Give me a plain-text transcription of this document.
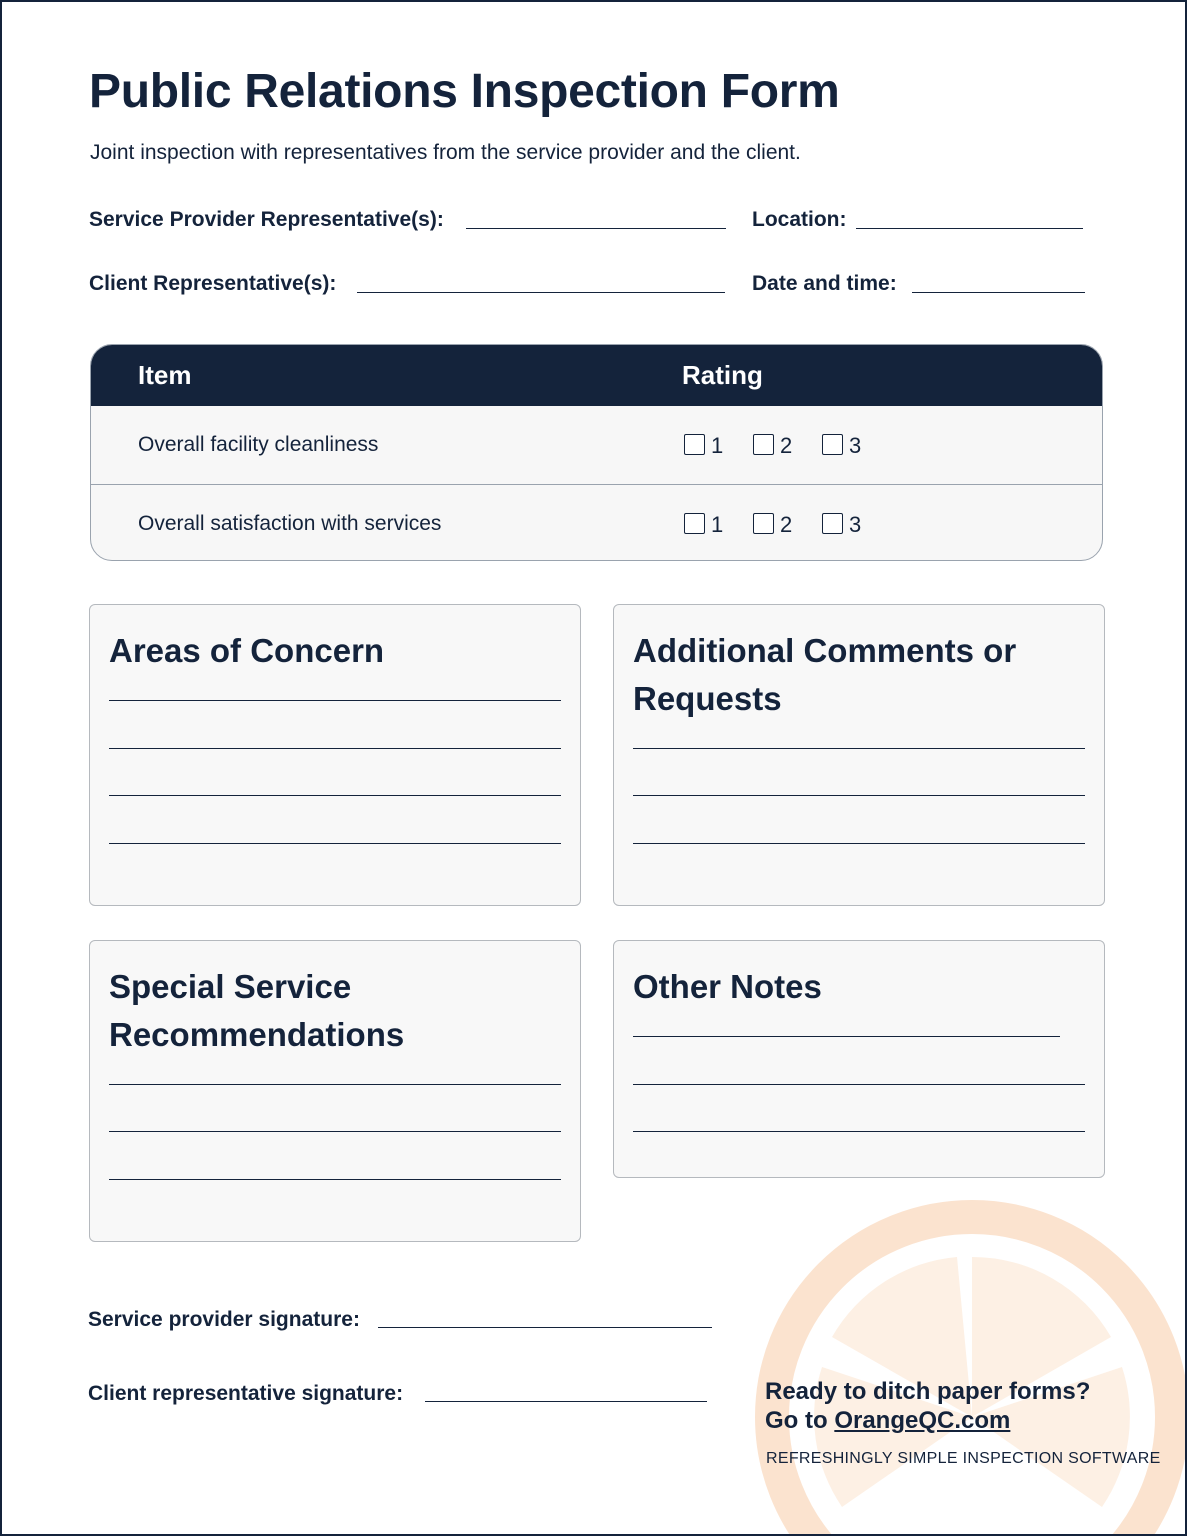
Public Relations Inspection Form
Joint inspection with representatives from the service provider and the client.
Service Provider Representative(s):	Location:
Client Representative(s):	Date and time:
Item	Rating
Overall facility cleanliness	1	2	3
Overall satisfaction with services	1	2	3
Areas of Concern	Additional Comments or Requests
Special Service Recommendations
Other Notes
Service provider signature:
Client representative signature:	Ready to ditch paper forms?
Go to OrangeQC.com
REFRESHINGLY SIMPLE INSPECTION SOFTWARE
